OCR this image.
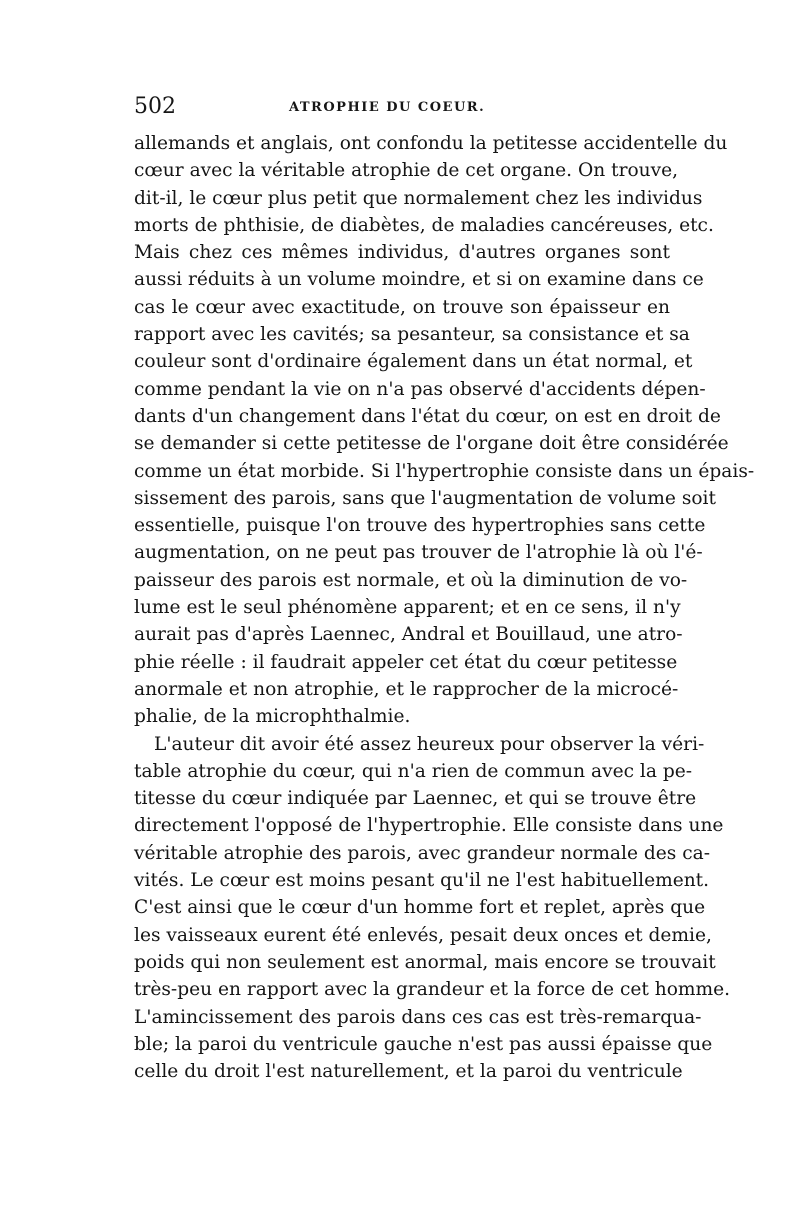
502	ATROPHIE DU COEUR.
allemands et anglais, ont confondu la petitesse accidentelle du
cœur avec la véritable atrophie de cet organe. On trouve,
dit-il, le cœur plus petit que normalement chez les individus
morts de phthisie, de diabètes, de maladies cancéreuses, etc.
Mais chez ces mêmes individus, d'autres organes sont
aussi réduits à un volume moindre, et si on examine dans ce
cas le cœur avec exactitude, on trouve son épaisseur en
rapport avec les cavités; sa pesanteur, sa consistance et sa
couleur sont d'ordinaire également dans un état normal, et
comme pendant la vie on n'a pas observé d'accidents dépen-
dants d'un changement dans l'état du cœur, on est en droit de
se demander si cette petitesse de l'organe doit être considérée
comme un état morbide. Si l'hypertrophie consiste dans un épais-
sissement des parois, sans que l'augmentation de volume soit
essentielle, puisque l'on trouve des hypertrophies sans cette
augmentation, on ne peut pas trouver de l'atrophie là où l'é-
paisseur des parois est normale, et où la diminution de vo-
lume est le seul phénomène apparent; et en ce sens, il n'y
aurait pas d'après Laennec, Andral et Bouillaud, une atro-
phie réelle : il faudrait appeler cet état du cœur petitesse
anormale et non atrophie, et le rapprocher de la microcé-
phalie, de la microphthalmie.
L'auteur dit avoir été assez heureux pour observer la véri-
table atrophie du cœur, qui n'a rien de commun avec la pe-
titesse du cœur indiquée par Laennec, et qui se trouve être
directement l'opposé de l'hypertrophie. Elle consiste dans une
véritable atrophie des parois, avec grandeur normale des ca-
vités. Le cœur est moins pesant qu'il ne l'est habituellement.
C'est ainsi que le cœur d'un homme fort et replet, après que
les vaisseaux eurent été enlevés, pesait deux onces et demie,
poids qui non seulement est anormal, mais encore se trouvait
très-peu en rapport avec la grandeur et la force de cet homme.
L'amincissement des parois dans ces cas est très-remarqua-
ble; la paroi du ventricule gauche n'est pas aussi épaisse que
celle du droit l'est naturellement, et la paroi du ventricule
